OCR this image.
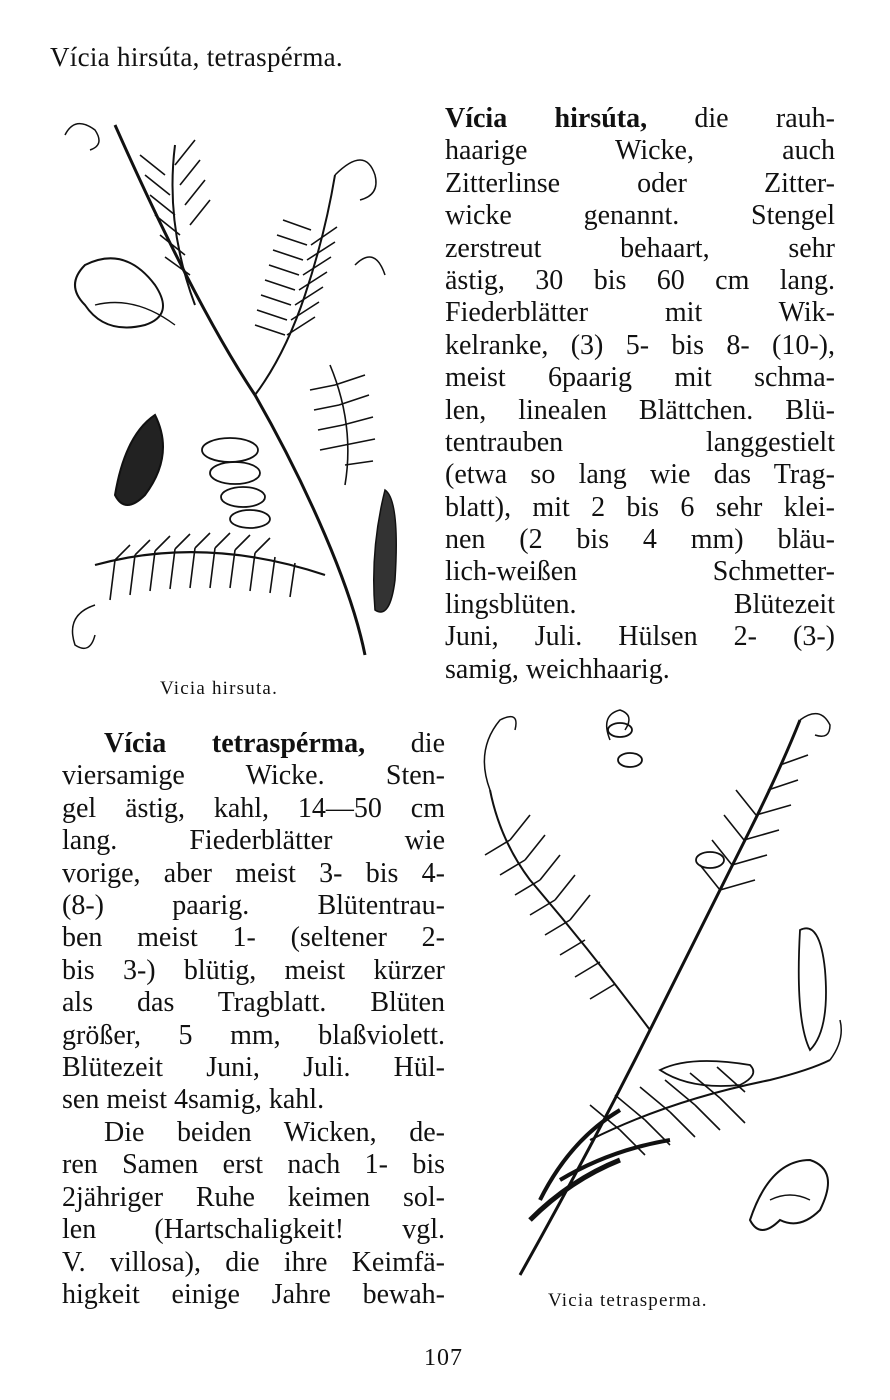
Vícia hirsúta, tetraspérma.
Vicia hirsuta.
Vícia hirsúta, die rauh-
haarige Wicke, auch
Zitterlinse oder Zitter-
wicke genannt. Stengel
zerstreut behaart, sehr
ästig, 30 bis 60 cm lang.
Fiederblätter mit Wik-
kelranke, (3) 5- bis 8- (10-),
meist 6paarig mit schma-
len, linealen Blättchen. Blü-
tentrauben langgestielt
(etwa so lang wie das Trag-
blatt), mit 2 bis 6 sehr klei-
nen (2 bis 4 mm) bläu-
lich-weißen Schmetter-
lingsblüten. Blütezeit
Juni, Juli. Hülsen 2- (3-)
samig, weichhaarig.
Vícia tetraspérma, die
viersamige Wicke. Sten-
gel ästig, kahl, 14—50 cm
lang. Fiederblätter wie
vorige, aber meist 3- bis 4-
(8-) paarig. Blütentrau-
ben meist 1- (seltener 2-
bis 3-) blütig, meist kürzer
als das Tragblatt. Blüten
größer, 5 mm, blaßviolett.
Blütezeit Juni, Juli. Hül-
sen meist 4samig, kahl.
Die beiden Wicken, de-
ren Samen erst nach 1- bis
2jähriger Ruhe keimen sol-
len (Hartschaligkeit! vgl.
V. villosa), die ihre Keimfä-
higkeit einige Jahre bewah-	Vicia tetrasperma.
107
